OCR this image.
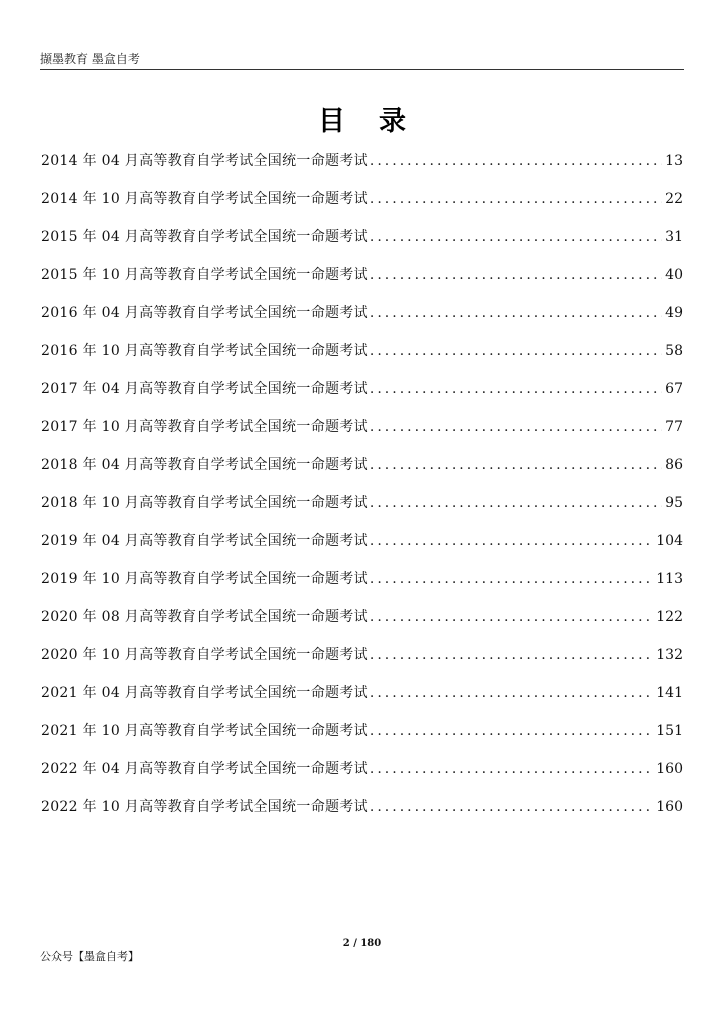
撷墨教育 墨盒自考
目录
2014 年 04 月高等教育自学考试全国统一命题考试 .....	13
2014 年 10 月高等教育自学考试全国统一命题考试 .....	22
2015 年 04 月高等教育自学考试全国统一命题考试 .....	31
2015 年 10 月高等教育自学考试全国统一命题考试 .....	40
2016 年 04 月高等教育自学考试全国统一命题考试 .....	49
2016 年 10 月高等教育自学考试全国统一命题考试 .....	58
2017 年 04 月高等教育自学考试全国统一命题考试 .....	67
2017 年 10 月高等教育自学考试全国统一命题考试 .....	77
2018 年 04 月高等教育自学考试全国统一命题考试 .....	86
2018 年 10 月高等教育自学考试全国统一命题考试 .....	95
2019 年 04 月高等教育自学考试全国统一命题考试 .....	104
2019 年 10 月高等教育自学考试全国统一命题考试 .....	113
2020 年 08 月高等教育自学考试全国统一命题考试 .....	122
2020 年 10 月高等教育自学考试全国统一命题考试 .....	132
2021 年 04 月高等教育自学考试全国统一命题考试 .....	141
2021 年 10 月高等教育自学考试全国统一命题考试 .....	151
2022 年 04 月高等教育自学考试全国统一命题考试 .....	160
2022 年 10 月高等教育自学考试全国统一命题考试 .....	160
2 / 180
公众号【墨盒自考】
